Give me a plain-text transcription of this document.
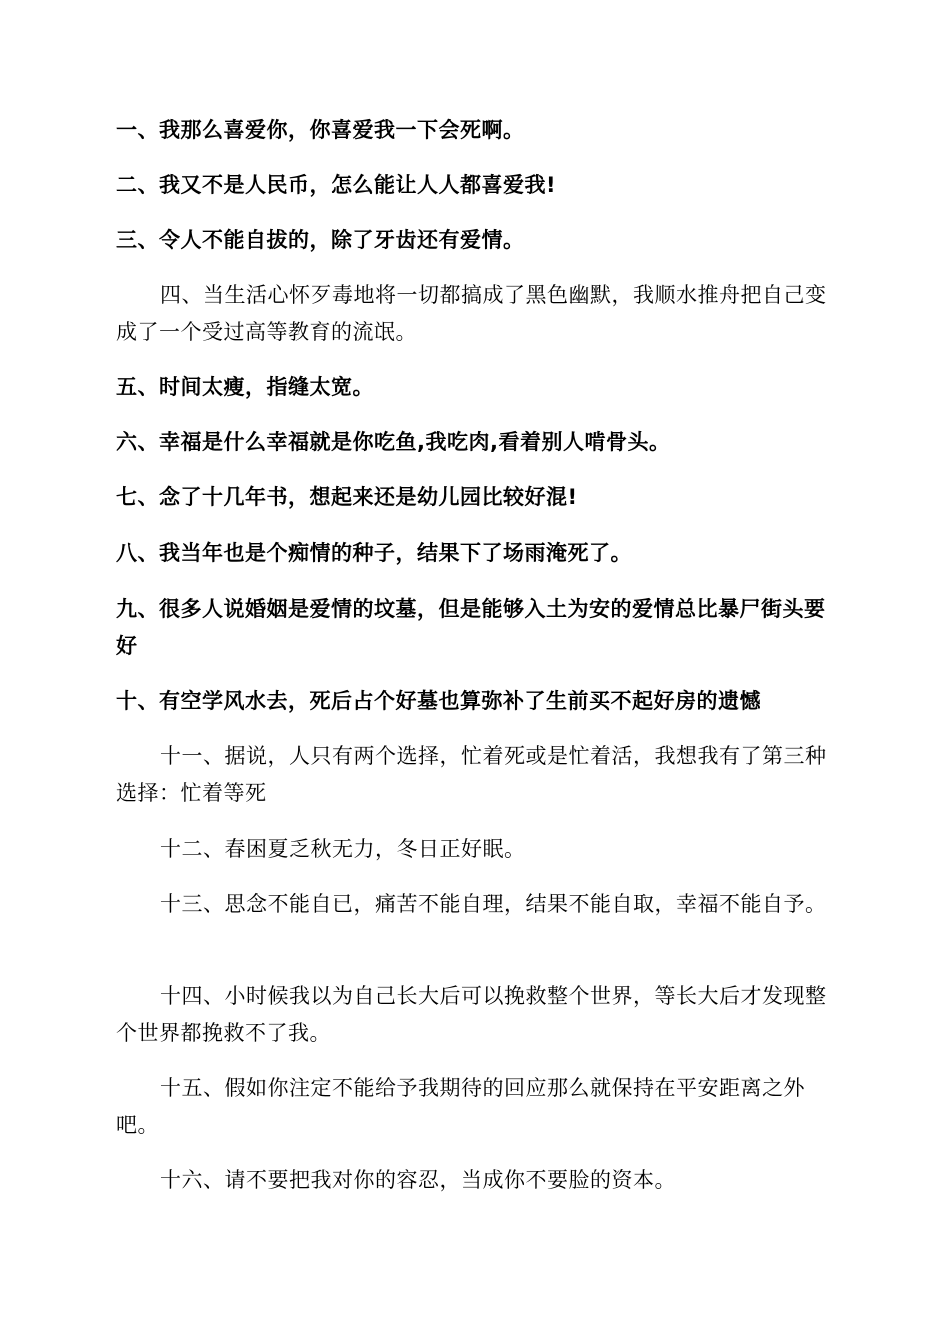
一、我那么喜爱你，你喜爱我一下会死啊。

二、我又不是人民币，怎么能让人人都喜爱我!

三、令人不能自拔的，除了牙齿还有爱情。

四、当生活心怀歹毒地将一切都搞成了黑色幽默，我顺水推舟把自己变成了一个受过高等教育的流氓。

五、时间太瘦，指缝太宽。

六、幸福是什么幸福就是你吃鱼,我吃肉,看着别人啃骨头。

七、念了十几年书，想起来还是幼儿园比较好混!

八、我当年也是个痴情的种子，结果下了场雨淹死了。

九、很多人说婚姻是爱情的坟墓，但是能够入土为安的爱情总比暴尸街头要好

十、有空学风水去，死后占个好墓也算弥补了生前买不起好房的遗憾

十一、据说，人只有两个选择，忙着死或是忙着活，我想我有了第三种选择：忙着等死

十二、春困夏乏秋无力，冬日正好眠。

十三、思念不能自已，痛苦不能自理，结果不能自取，幸福不能自予。

十四、小时候我以为自己长大后可以挽救整个世界，等长大后才发现整个世界都挽救不了我。

十五、假如你注定不能给予我期待的回应那么就保持在平安距离之外吧。

十六、请不要把我对你的容忍，当成你不要脸的资本。
